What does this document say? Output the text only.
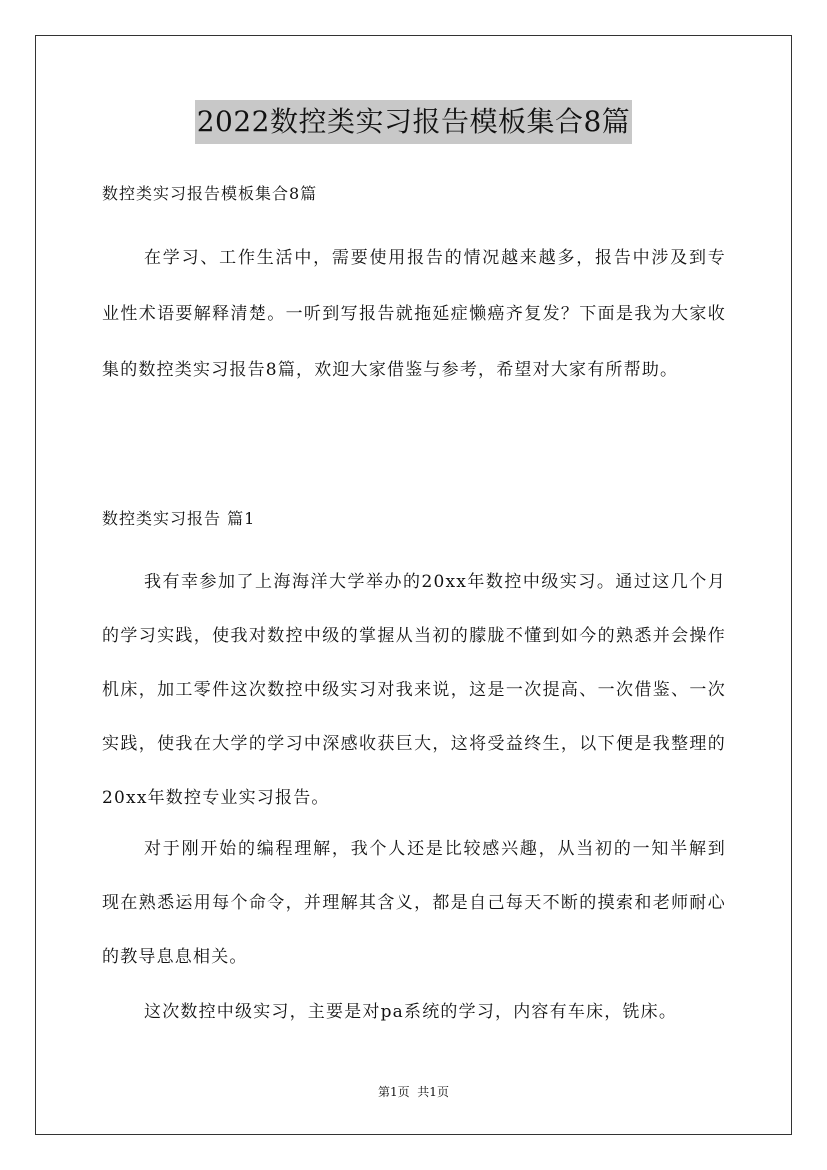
2022数控类实习报告模板集合8篇
数控类实习报告模板集合8篇
在学习、工作生活中，需要使用报告的情况越来越多，报告中涉及到专业性术语要解释清楚。一听到写报告就拖延症懒癌齐复发？下面是我为大家收集的数控类实习报告8篇，欢迎大家借鉴与参考，希望对大家有所帮助。
数控类实习报告 篇1
我有幸参加了上海海洋大学举办的20xx年数控中级实习。通过这几个月的学习实践，使我对数控中级的掌握从当初的朦胧不懂到如今的熟悉并会操作机床，加工零件这次数控中级实习对我来说，这是一次提高、一次借鉴、一次实践，使我在大学的学习中深感收获巨大，这将受益终生，以下便是我整理的20xx年数控专业实习报告。
对于刚开始的编程理解，我个人还是比较感兴趣，从当初的一知半解到现在熟悉运用每个命令，并理解其含义，都是自己每天不断的摸索和老师耐心的教导息息相关。
这次数控中级实习，主要是对pa系统的学习，内容有车床，铣床。
第1页  共1页
